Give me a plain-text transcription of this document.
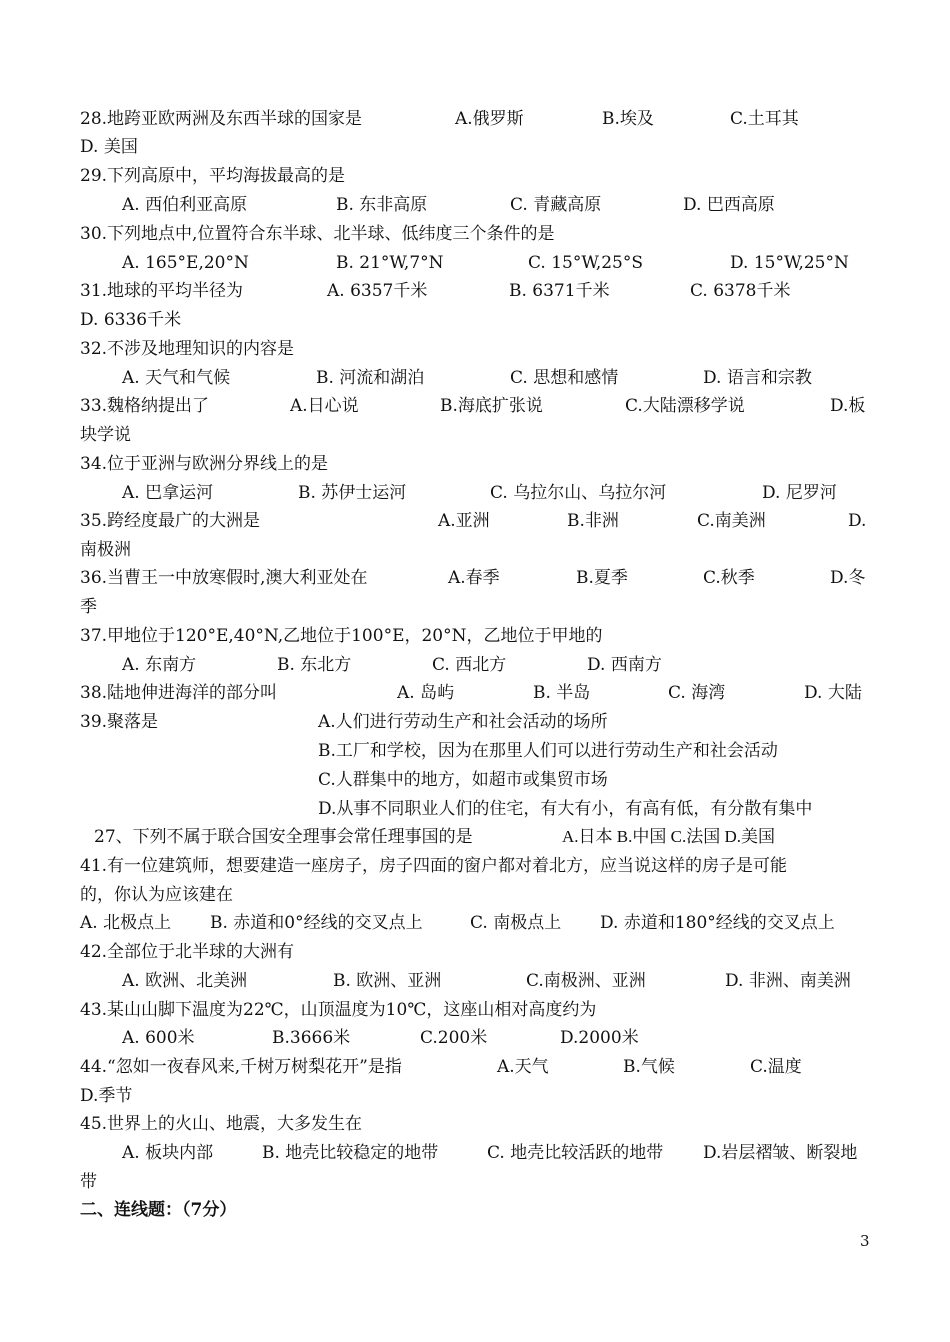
28.地跨亚欧两洲及东西半球的国家是	A.俄罗斯	B.埃及	C.土耳其
D. 美国
29.下列高原中，平均海拔最高的是
A. 西伯利亚高原	B. 东非高原	C. 青藏高原	D. 巴西高原
30.下列地点中,位置符合东半球、北半球、低纬度三个条件的是
A. 165°E,20°N	B. 21°W,7°N	C. 15°W,25°S	D. 15°W,25°N
31.地球的平均半径为	A. 6357千米	B. 6371千米	C. 6378千米
D. 6336千米
32.不涉及地理知识的内容是
A. 天气和气候	B. 河流和湖泊	C. 思想和感情	D. 语言和宗教
33.魏格纳提出了	A.日心说	B.海底扩张说	C.大陆漂移学说	D.板
块学说
34.位于亚洲与欧洲分界线上的是
A. 巴拿运河	B. 苏伊士运河	C. 乌拉尔山、乌拉尔河	D. 尼罗河
35.跨经度最广的大洲是	A.亚洲	B.非洲	C.南美洲	D.
南极洲
36.当曹王一中放寒假时,澳大利亚处在	A.春季	B.夏季	C.秋季	D.冬
季
37.甲地位于120°E,40°N,乙地位于100°E，20°N，乙地位于甲地的
A. 东南方	B. 东北方	C. 西北方	D. 西南方
38.陆地伸进海洋的部分叫	A. 岛屿	B. 半岛	C. 海湾	D. 大陆
39.聚落是	A.人们进行劳动生产和社会活动的场所
B.工厂和学校，因为在那里人们可以进行劳动生产和社会活动
C.人群集中的地方，如超市或集贸市场
D.从事不同职业人们的住宅，有大有小，有高有低，有分散有集中
27、下列不属于联合国安全理事会常任理事国的是	A.日本 B.中国 C.法国 D.美国
41.有一位建筑师，想要建造一座房子，房子四面的窗户都对着北方，应当说这样的房子是可能
的，你认为应该建在
A. 北极点上 B. 赤道和0°经线的交叉点上	C. 南极点上 D. 赤道和180°经线的交叉点上
42.全部位于北半球的大洲有
A. 欧洲、北美洲	B. 欧洲、亚洲	C.南极洲、亚洲	D. 非洲、南美洲
43.某山山脚下温度为22℃，山顶温度为10℃，这座山相对高度约为
A. 600米	B.3666米	C.200米	D.2000米
44.“忽如一夜春风来,千树万树梨花开”是指	A.天气	B.气候	C.温度
D.季节
45.世界上的火山、地震，大多发生在
A. 板块内部	B. 地壳比较稳定的地带	C. 地壳比较活跃的地带 D.岩层褶皱、断裂地
带
二、连线题：（7分）
3
